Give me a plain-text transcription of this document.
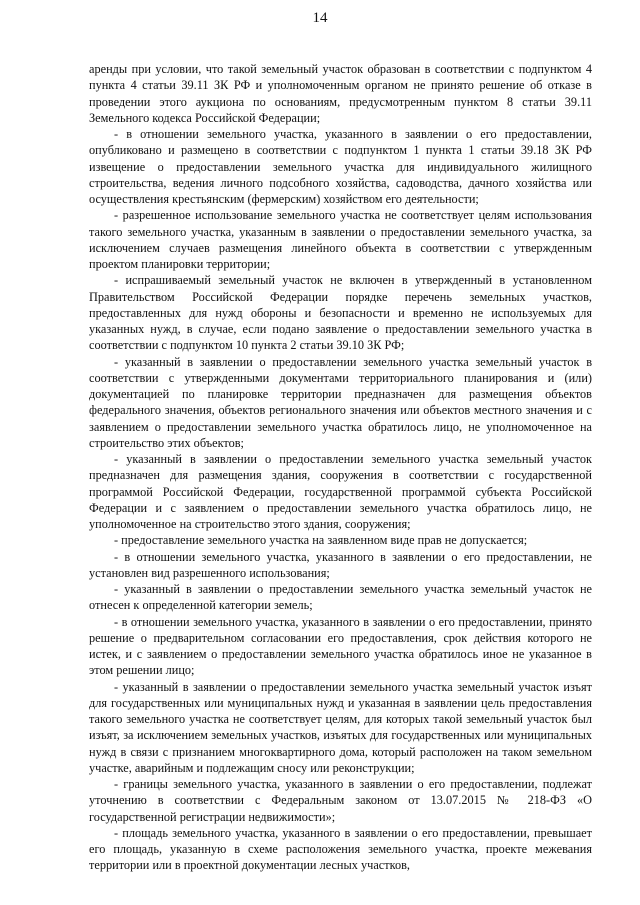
14

аренды при условии, что такой земельный участок образован в соответствии с подпунктом 4 пункта 4 статьи 39.11 ЗК РФ и уполномоченным органом не принято решение об отказе в проведении этого аукциона по основаниям, предусмотренным пунктом 8 статьи 39.11 Земельного кодекса Российской Федерации;

- в отношении земельного участка, указанного в заявлении о его предоставлении, опубликовано и размещено в соответствии с подпунктом 1 пункта 1 статьи 39.18 ЗК РФ извещение о предоставлении земельного участка для индивидуального жилищного строительства, ведения личного подсобного хозяйства, садоводства, дачного хозяйства или осуществления крестьянским (фермерским) хозяйством его деятельности;

- разрешенное использование земельного участка не соответствует целям использования такого земельного участка, указанным в заявлении о предоставлении земельного участка, за исключением случаев размещения линейного объекта в соответствии с утвержденным проектом планировки территории;

- испрашиваемый земельный участок не включен в утвержденный в установленном Правительством Российской Федерации порядке перечень земельных участков, предоставленных для нужд обороны и безопасности и временно не используемых для указанных нужд, в случае, если подано заявление о предоставлении земельного участка в соответствии с подпунктом 10 пункта 2 статьи 39.10 ЗК РФ;

- указанный в заявлении о предоставлении земельного участка земельный участок в соответствии с утвержденными документами территориального планирования и (или) документацией по планировке территории предназначен для размещения объектов федерального значения, объектов регионального значения или объектов местного значения и с заявлением о предоставлении земельного участка обратилось лицо, не уполномоченное на строительство этих объектов;

- указанный в заявлении о предоставлении земельного участка земельный участок предназначен для размещения здания, сооружения в соответствии с государственной программой Российской Федерации, государственной программой субъекта Российской Федерации и с заявлением о предоставлении земельного участка обратилось лицо, не уполномоченное на строительство этого здания, сооружения;

- предоставление земельного участка на заявленном виде прав не допускается;

- в отношении земельного участка, указанного в заявлении о его предоставлении, не установлен вид разрешенного использования;

- указанный в заявлении о предоставлении земельного участка земельный участок не отнесен к определенной категории земель;

- в отношении земельного участка, указанного в заявлении о его предоставлении, принято решение о предварительном согласовании его предоставления, срок действия которого не истек, и с заявлением о предоставлении земельного участка обратилось иное не указанное в этом решении лицо;

- указанный в заявлении о предоставлении земельного участка земельный участок изъят для государственных или муниципальных нужд и указанная в заявлении цель предоставления такого земельного участка не соответствует целям, для которых такой земельный участок был изъят, за исключением земельных участков, изъятых для государственных или муниципальных нужд в связи с признанием многоквартирного дома, который расположен на таком земельном участке, аварийным и подлежащим сносу или реконструкции;

- границы земельного участка, указанного в заявлении о его предоставлении, подлежат уточнению в соответствии с Федеральным законом от 13.07.2015 № 218-ФЗ «О государственной регистрации недвижимости»;

- площадь земельного участка, указанного в заявлении о его предоставлении, превышает его площадь, указанную в схеме расположения земельного участка, проекте межевания территории или в проектной документации лесных участков,
